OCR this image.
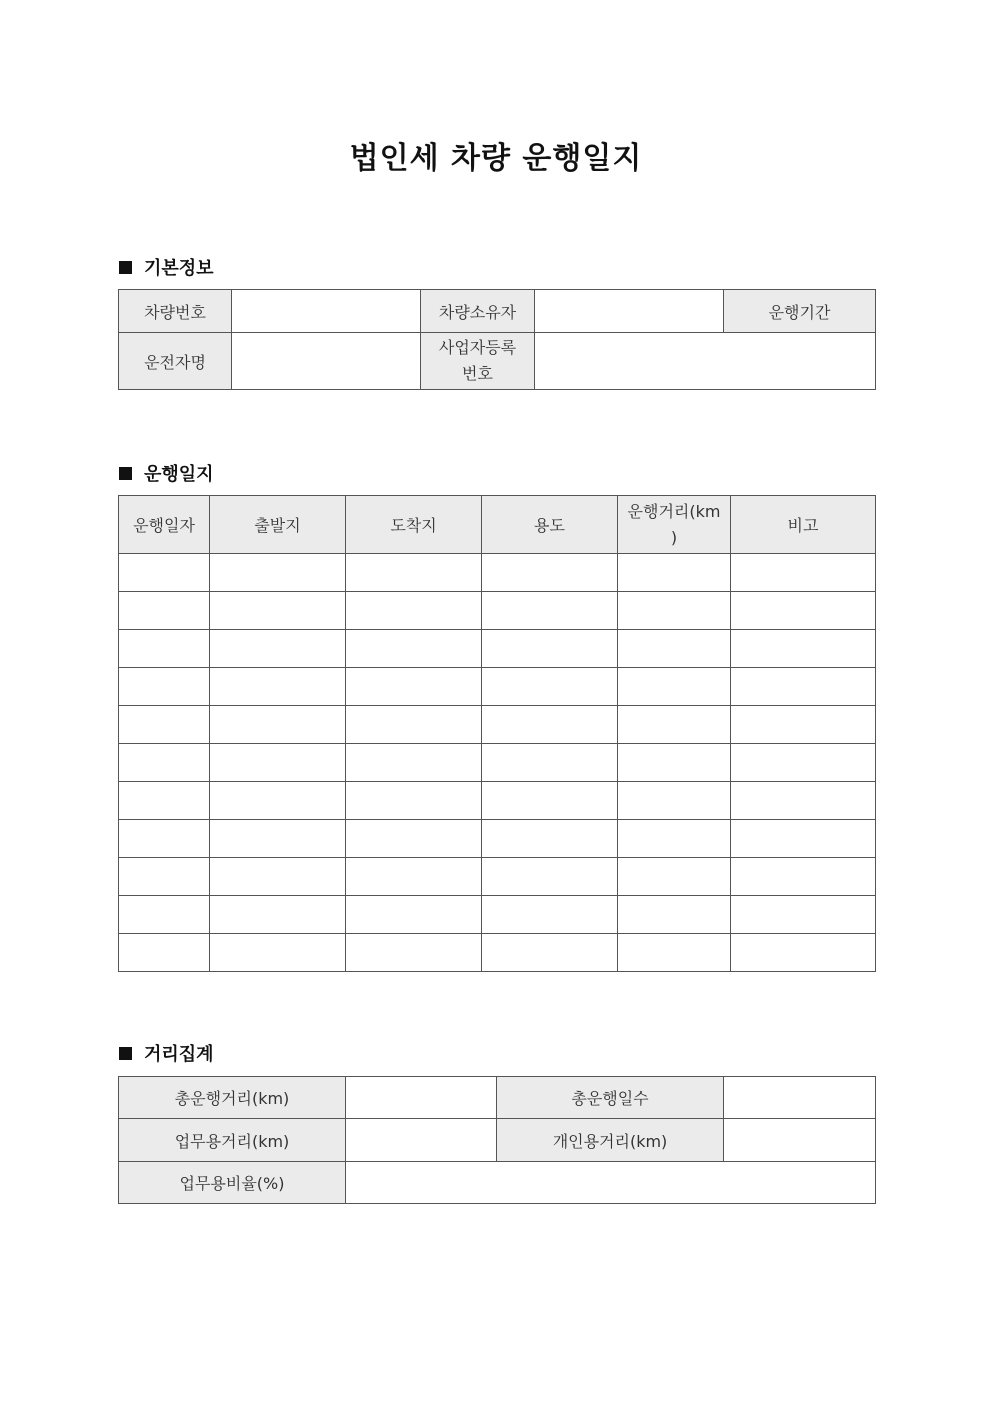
법인세 차량 운행일지
기본정보
차량번호		차량소유자		운행기간
운전자명		사업자등록
번호		

운행일지
운행일자	출발지	도착지	용도	운행거리(km
)	비고

거리집계
총운행거리(km)		총운행일수	
업무용거리(km)		개인용거리(km)	
업무용비율(%)			
